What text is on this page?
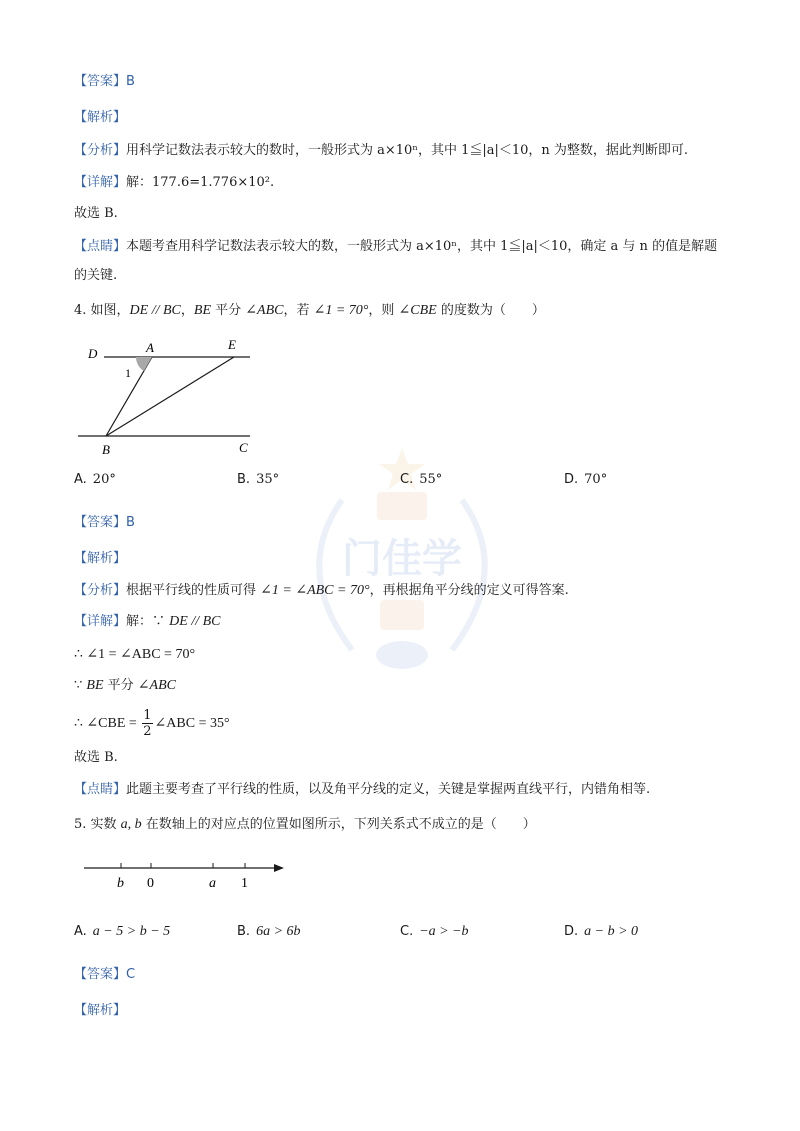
门佳学
【答案】B
【解析】
【分析】用科学记数法表示较大的数时，一般形式为 a×10ⁿ，其中 1≦|a|＜10，n 为整数，据此判断即可.
【详解】解：177.6=1.776×10².
故选 B.
【点睛】本题考查用科学记数法表示较大的数，一般形式为 a×10ⁿ，其中 1≦|a|＜10，确定 a 与 n 的值是解题
的关键.
4. 如图，DE // BC，BE 平分 ∠ABC，若 ∠1 = 70°，则 ∠CBE 的度数为（　　）
D	A	E
1
B	C
A. 20°	B. 35°	C. 55°	D. 70°
【答案】B
【解析】
【分析】根据平行线的性质可得 ∠1 = ∠ABC = 70°，再根据角平分线的定义可得答案.
【详解】解：∵ DE // BC
∴ ∠1 = ∠ABC = 70°
∵ BE 平分 ∠ABC
∴ ∠CBE = $\frac{1}{2}$ ∠ABC = 35°
故选 B.
【点睛】此题主要考查了平行线的性质，以及角平分线的定义，关键是掌握两直线平行，内错角相等.
5. 实数 a, b 在数轴上的对应点的位置如图所示，下列关系式不成立的是（　　）
b 0	a 1
A. a − 5 > b − 5	B. 6a > 6b	C. −a > −b	D. a − b > 0
【答案】C
【解析】
